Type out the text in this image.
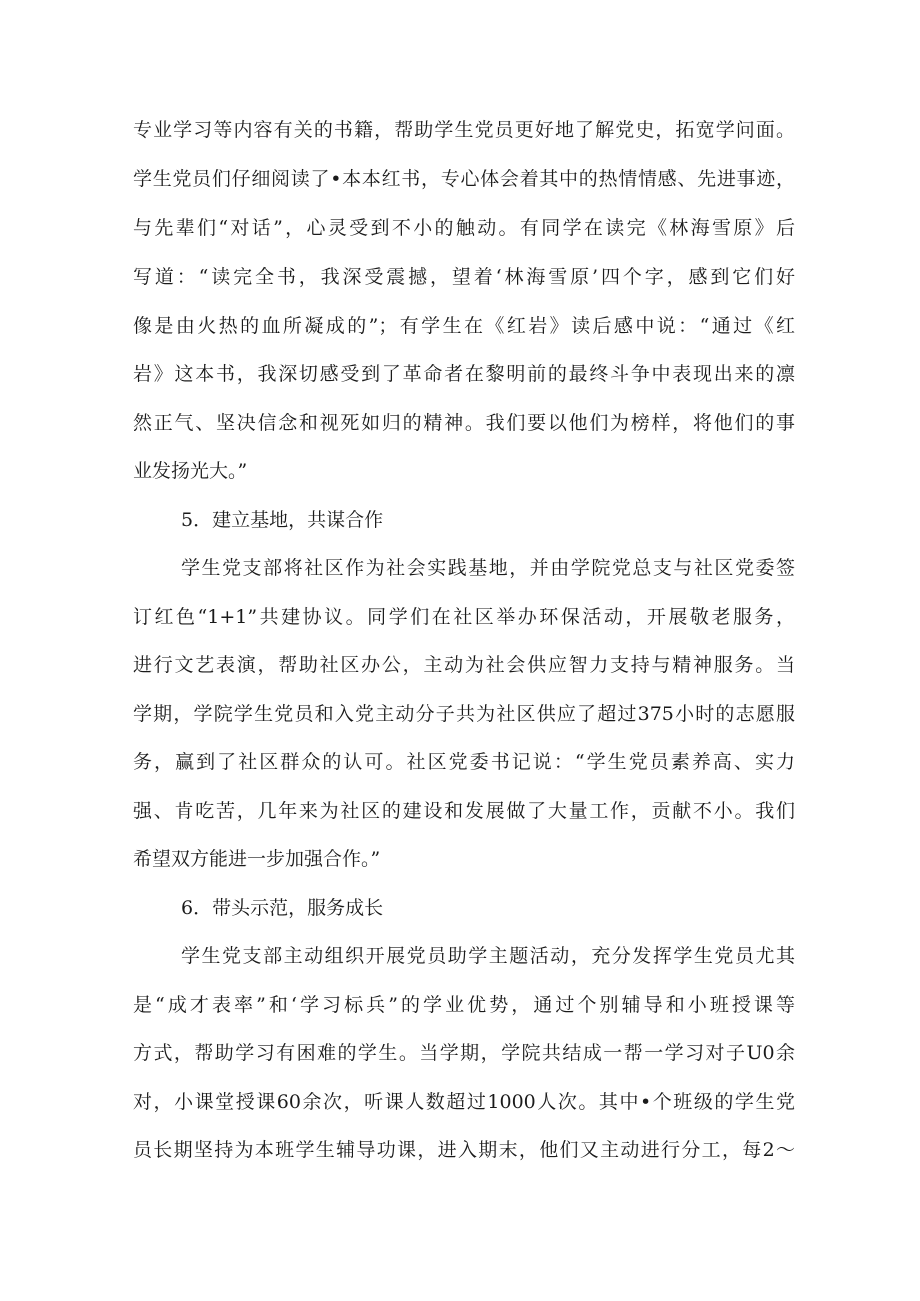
专业学习等内容有关的书籍，帮助学生党员更好地了解党史，拓宽学问面。
学生党员们仔细阅读了•本本红书，专心体会着其中的热情情感、先进事迹，
与先辈们“对话”，心灵受到不小的触动。有同学在读完《林海雪原》后
写道：“读完全书，我深受震撼，望着‘林海雪原’四个字，感到它们好
像是由火热的血所凝成的”；有学生在《红岩》读后感中说：“通过《红
岩》这本书，我深切感受到了革命者在黎明前的最终斗争中表现出来的凛
然正气、坚决信念和视死如归的精神。我们要以他们为榜样，将他们的事
业发扬光大。”
5．建立基地，共谋合作
学生党支部将社区作为社会实践基地，并由学院党总支与社区党委签
订红色“1+1”共建协议。同学们在社区举办环保活动，开展敬老服务，
进行文艺表演，帮助社区办公，主动为社会供应智力支持与精神服务。当
学期，学院学生党员和入党主动分子共为社区供应了超过375小时的志愿服
务，赢到了社区群众的认可。社区党委书记说：“学生党员素养高、实力
强、肯吃苦，几年来为社区的建设和发展做了大量工作，贡献不小。我们
希望双方能进一步加强合作。”
6．带头示范，服务成长
学生党支部主动组织开展党员助学主题活动，充分发挥学生党员尤其
是“成才表率”和‘学习标兵”的学业优势，通过个别辅导和小班授课等
方式，帮助学习有困难的学生。当学期，学院共结成一帮一学习对子U0余
对，小课堂授课60余次，听课人数超过1000人次。其中•个班级的学生党
员长期坚持为本班学生辅导功课，进入期末，他们又主动进行分工，每2～
